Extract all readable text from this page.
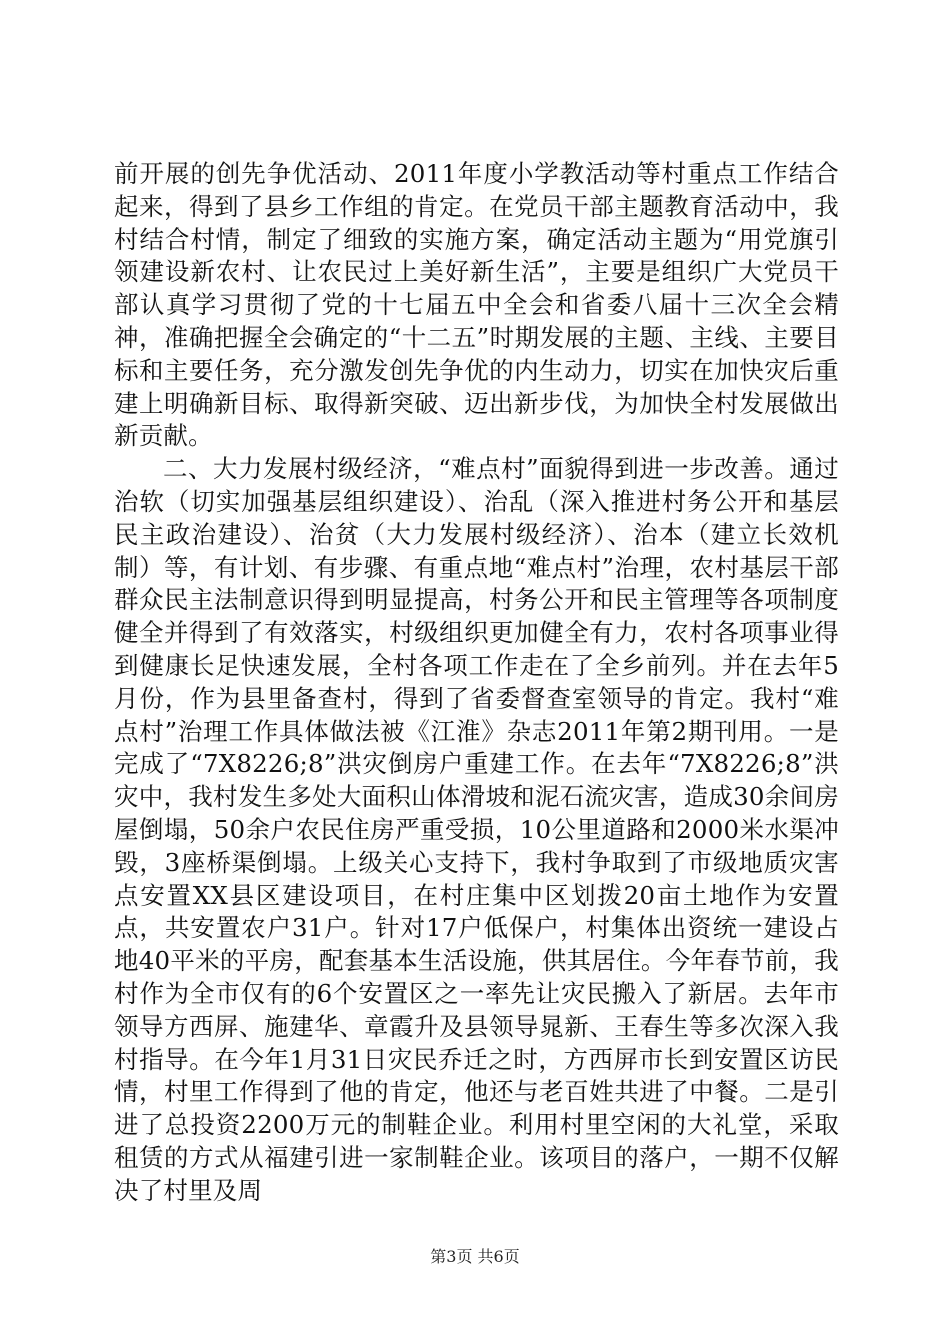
前开展的创先争优活动、2011年度小学教活动等村重点工作结合起来，得到了县乡工作组的肯定。在党员干部主题教育活动中，我村结合村情，制定了细致的实施方案，确定活动主题为“用党旗引领建设新农村、让农民过上美好新生活”，主要是组织广大党员干部认真学习贯彻了党的十七届五中全会和省委八届十三次全会精神，准确把握全会确定的“十二五”时期发展的主题、主线、主要目标和主要任务，充分激发创先争优的内生动力，切实在加快灾后重建上明确新目标、取得新突破、迈出新步伐，为加快全村发展做出新贡献。

二、大力发展村级经济，“难点村”面貌得到进一步改善。通过治软（切实加强基层组织建设）、治乱（深入推进村务公开和基层民主政治建设）、治贫（大力发展村级经济）、治本（建立长效机制）等，有计划、有步骤、有重点地“难点村”治理，农村基层干部群众民主法制意识得到明显提高，村务公开和民主管理等各项制度健全并得到了有效落实，村级组织更加健全有力，农村各项事业得到健康长足快速发展，全村各项工作走在了全乡前列。并在去年5月份，作为县里备查村，得到了省委督查室领导的肯定。我村“难点村”治理工作具体做法被《江淮》杂志2011年第2期刊用。一是完成了“7X8226;8”洪灾倒房户重建工作。在去年“7X8226;8”洪灾中，我村发生多处大面积山体滑坡和泥石流灾害，造成30余间房屋倒塌，50余户农民住房严重受损，10公里道路和2000米水渠冲毁，3座桥渠倒塌。上级关心支持下，我村争取到了市级地质灾害点安置XX县区建设项目，在村庄集中区划拨20亩土地作为安置点，共安置农户31户。针对17户低保户，村集体出资统一建设占地40平米的平房，配套基本生活设施，供其居住。今年春节前，我村作为全市仅有的6个安置区之一率先让灾民搬入了新居。去年市领导方西屏、施建华、章霞升及县领导晁新、王春生等多次深入我村指导。在今年1月31日灾民乔迁之时，方西屏市长到安置区访民情，村里工作得到了他的肯定，他还与老百姓共进了中餐。二是引进了总投资2200万元的制鞋企业。利用村里空闲的大礼堂，采取租赁的方式从福建引进一家制鞋企业。该项目的落户，一期不仅解决了村里及周

第3页 共6页
